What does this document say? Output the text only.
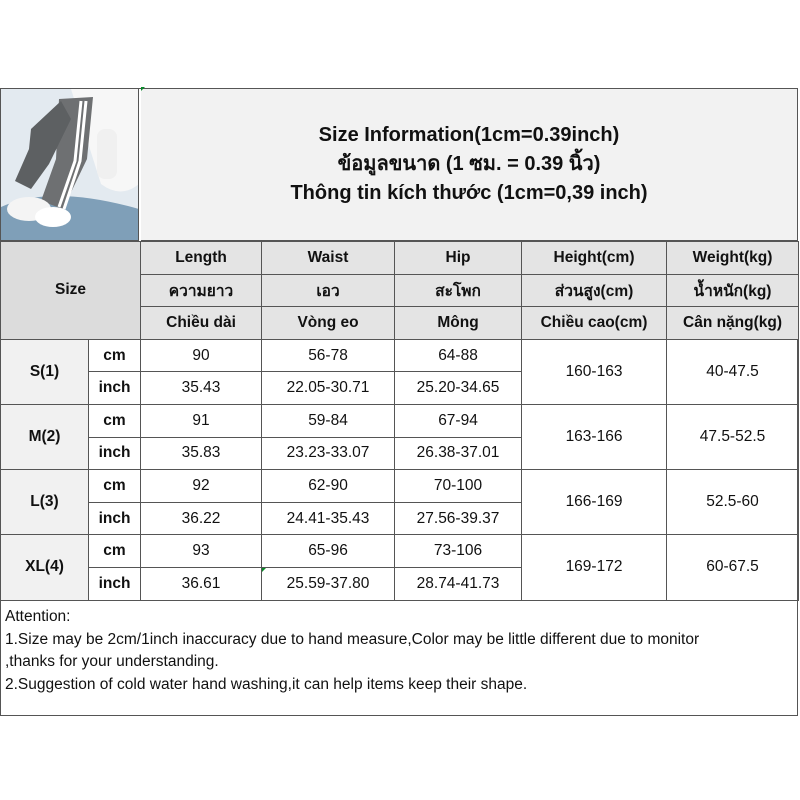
Size Information(1cm=0.39inch)
ข้อมูลขนาด (1 ซม. = 0.39 นิ้ว)
Thông tin kích thước (1cm=0,39 inch)
Size		Length	Waist	Hip	Height(cm)	Weight(kg)
		ความยาว	เอว	สะโพก	ส่วนสูง(cm)	น้ำหนัก(kg)
		Chiều dài	Vòng eo	Mông	Chiều cao(cm)	Cân nặng(kg)
S(1)	cm	90	56-78	64-88	160-163	40-47.5
	inch	35.43	22.05-30.71	25.20-34.65		
M(2)	cm	91	59-84	67-94	163-166	47.5-52.5
	inch	35.83	23.23-33.07	26.38-37.01		
L(3)	cm	92	62-90	70-100	166-169	52.5-60
	inch	36.22	24.41-35.43	27.56-39.37		
XL(4)	cm	93	65-96	73-106	169-172	60-67.5
	inch	36.61	25.59-37.80	28.74-41.73		
Attention:
1.Size may be 2cm/1inch inaccuracy due to hand measure,Color may be little different due to monitor
,thanks for your understanding.
2.Suggestion of cold water hand washing,it can help items keep their shape.
